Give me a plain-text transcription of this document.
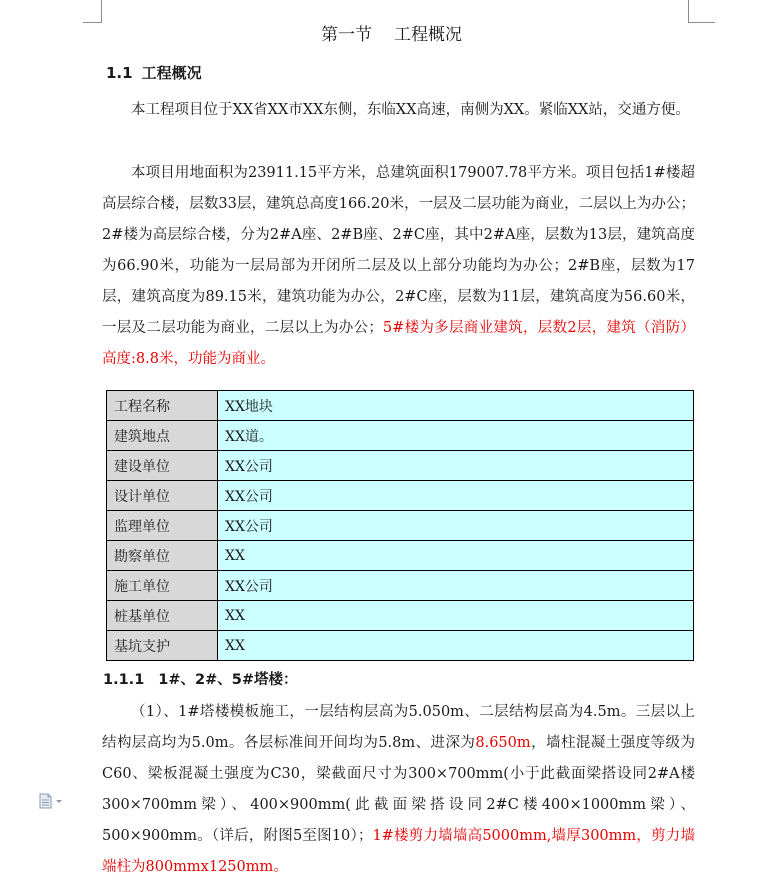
第一节 工程概况
1.1 工程概况
本工程项目位于XX省XX市XX东侧，东临XX高速，南侧为XX。紧临XX站，交通方便。
本项目用地面积为23911.15平方米，总建筑面积179007.78平方米。项目包括1#楼超高层综合楼，层数33层，建筑总高度166.20米，一层及二层功能为商业，二层以上为办公；2#楼为高层综合楼，分为2#A座、2#B座、2#C座，其中2#A座，层数为13层，建筑高度为66.90米，功能为一层局部为开闭所二层及以上部分功能均为办公；2#B座，层数为17层，建筑高度为89.15米，建筑功能为办公，2#C座，层数为11层，建筑高度为56.60米，一层及二层功能为商业，二层以上为办公；5#楼为多层商业建筑，层数2层，建筑（消防）高度:8.8米，功能为商业。
工程名称	XX地块
建筑地点	XX道。
建设单位	XX公司
设计单位	XX公司
监理单位	XX公司
勘察单位	XX
施工单位	XX公司
桩基单位	XX
基坑支护	XX
1.1.1 1#、2#、5#塔楼：
（1）、1#塔楼模板施工，一层结构层高为5.050m、二层结构层高为4.5m。三层以上结构层高均为5.0m。各层标准间开间均为5.8m、进深为8.650m，墙柱混凝土强度等级为C60、梁板混凝土强度为C30，梁截面尺寸为300×700mm(小于此截面梁搭设同2#A楼300×700mm梁）、400×900mm(此截面梁搭设同2#C楼400×1000mm梁）、500×900mm。（详后，附图5至图10）；1#楼剪力墙墙高5000mm,墙厚300mm，剪力墙端柱为800mmx1250mm。
